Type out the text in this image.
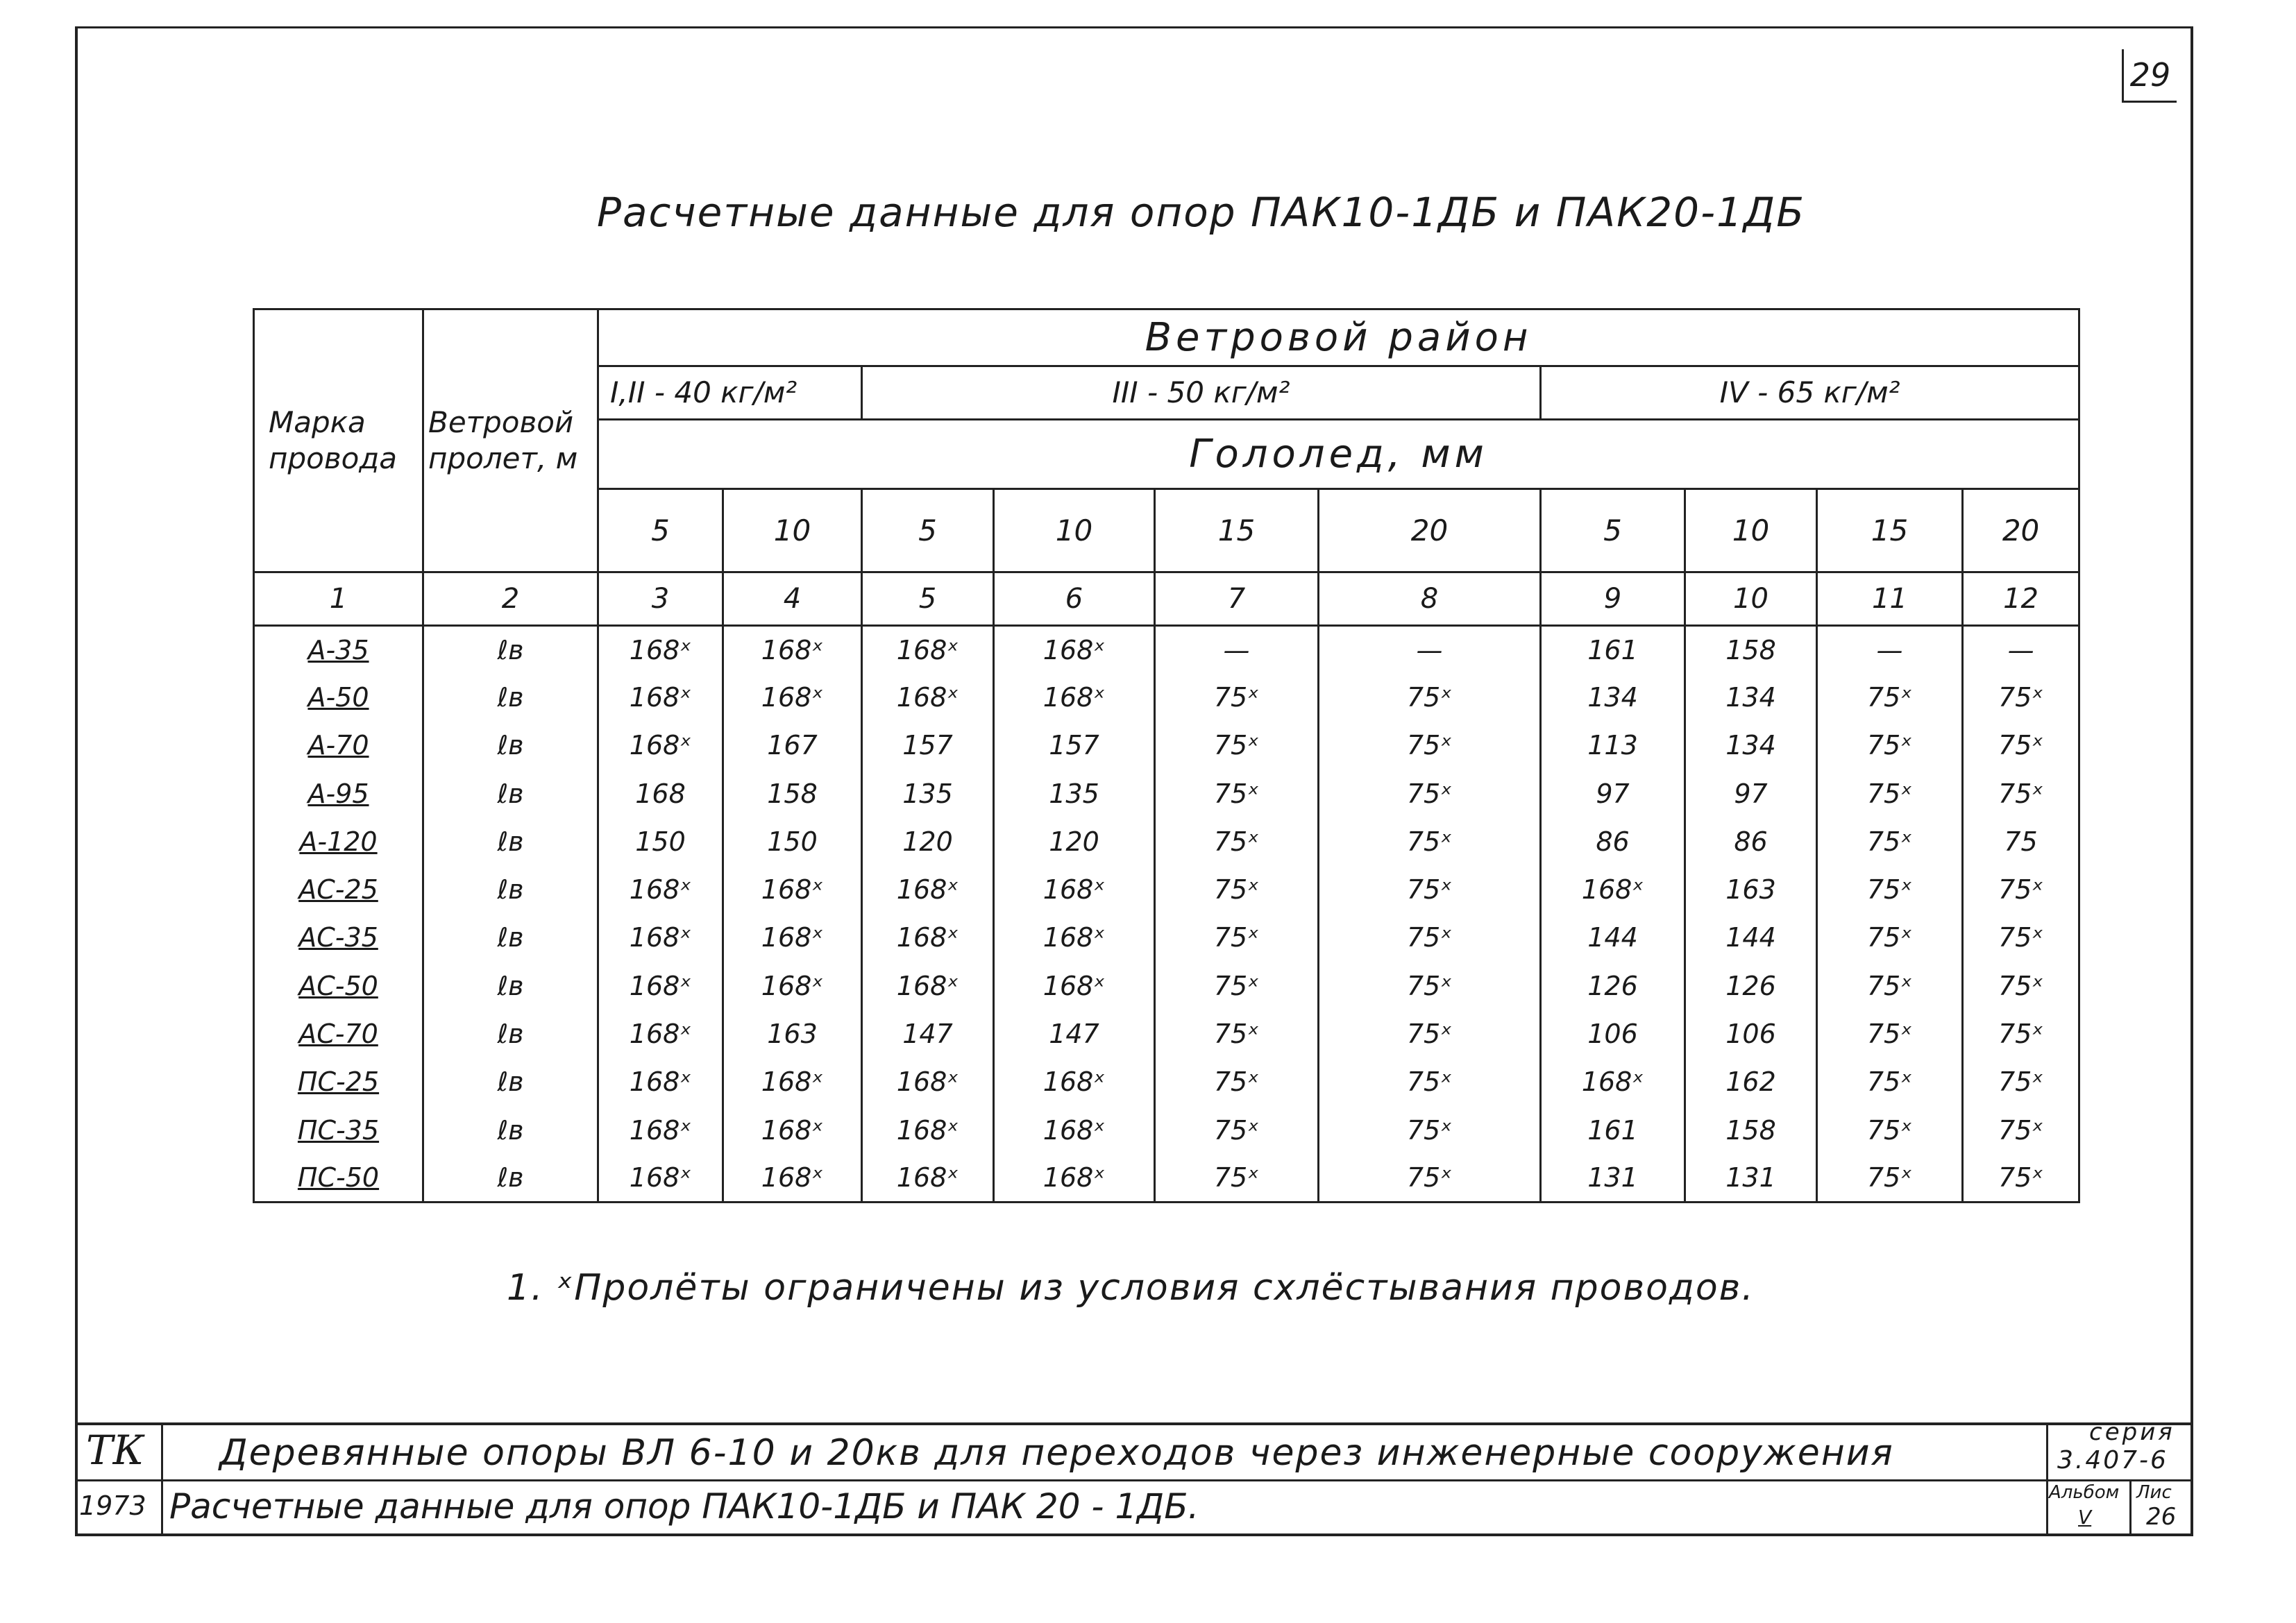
29
Расчетные данные для опор ПАК10-1ДБ и ПАК20-1ДБ
Марка провода	Ветровой пролет, м	Ветровой район									
		I,II - 40 кг/м²		III - 50 кг/м²				IV - 65 кг/м²			
		Гололед, мм									
		5	10	5	10	15	20	5	10	15	20
1	2	3	4	5	6	7	8	9	10	11	12
А-35	ℓв	168ˣ	168ˣ	168ˣ	168ˣ	—	—	161	158	—	—
А-50	ℓв	168ˣ	168ˣ	168ˣ	168ˣ	75ˣ	75ˣ	134	134	75ˣ	75ˣ
А-70	ℓв	168ˣ	167	157	157	75ˣ	75ˣ	113	134	75ˣ	75ˣ
А-95	ℓв	168	158	135	135	75ˣ	75ˣ	97	97	75ˣ	75ˣ
А-120	ℓв	150	150	120	120	75ˣ	75ˣ	86	86	75ˣ	75
АС-25	ℓв	168ˣ	168ˣ	168ˣ	168ˣ	75ˣ	75ˣ	168ˣ	163	75ˣ	75ˣ
АС-35	ℓв	168ˣ	168ˣ	168ˣ	168ˣ	75ˣ	75ˣ	144	144	75ˣ	75ˣ
АС-50	ℓв	168ˣ	168ˣ	168ˣ	168ˣ	75ˣ	75ˣ	126	126	75ˣ	75ˣ
АС-70	ℓв	168ˣ	163	147	147	75ˣ	75ˣ	106	106	75ˣ	75ˣ
ПС-25	ℓв	168ˣ	168ˣ	168ˣ	168ˣ	75ˣ	75ˣ	168ˣ	162	75ˣ	75ˣ
ПС-35	ℓв	168ˣ	168ˣ	168ˣ	168ˣ	75ˣ	75ˣ	161	158	75ˣ	75ˣ
ПС-50	ℓв	168ˣ	168ˣ	168ˣ	168ˣ	75ˣ	75ˣ	131	131	75ˣ	75ˣ
1. ˣПролёты ограничены из условия схлёстывания проводов.
ТК
1973
Деревянные опоры ВЛ 6-10 и 20кв для переходов через инженерные сооружения
Расчетные данные для опор ПАК10-1ДБ и ПАК 20 - 1ДБ.
серия
3.407-6
Альбом
V
Лис
26
